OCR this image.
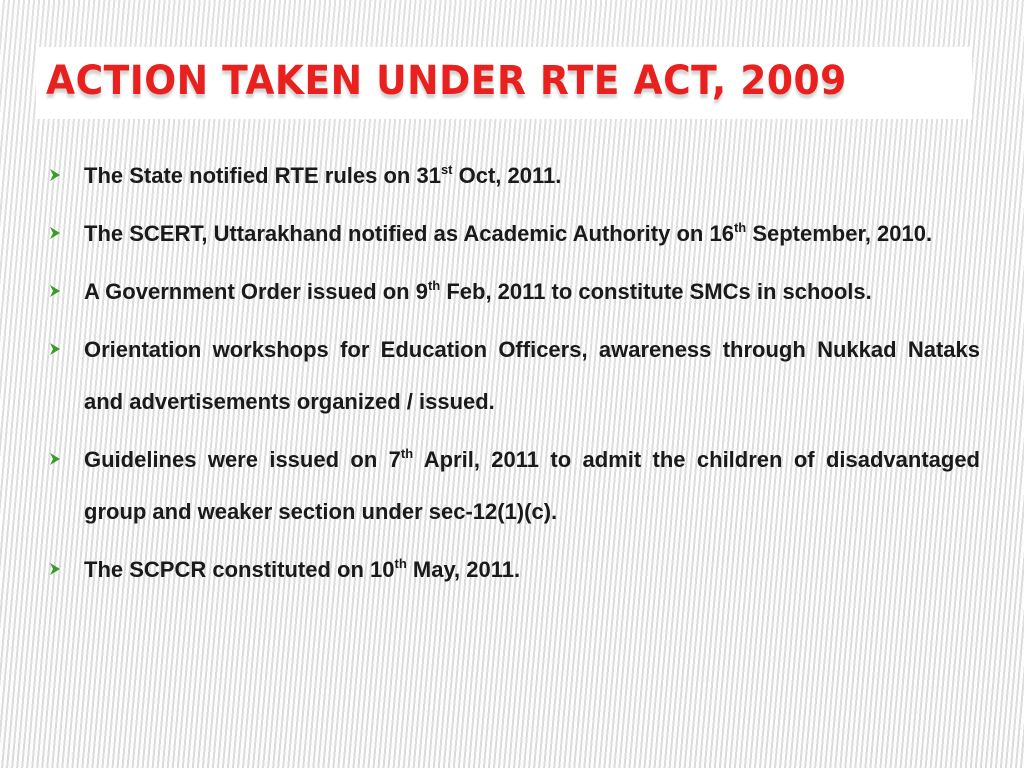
ACTION TAKEN UNDER RTE ACT, 2009
The State notified RTE rules on 31st Oct, 2011.
The SCERT, Uttarakhand notified as Academic Authority on 16th September, 2010.
A Government Order issued on 9th Feb, 2011 to constitute SMCs in schools.
Orientation workshops for Education Officers, awareness through Nukkad Nataks and advertisements organized / issued.
Guidelines were issued on 7th April, 2011 to admit the children of disadvantaged group and weaker section under sec-12(1)(c).
The SCPCR constituted on 10th May, 2011.
